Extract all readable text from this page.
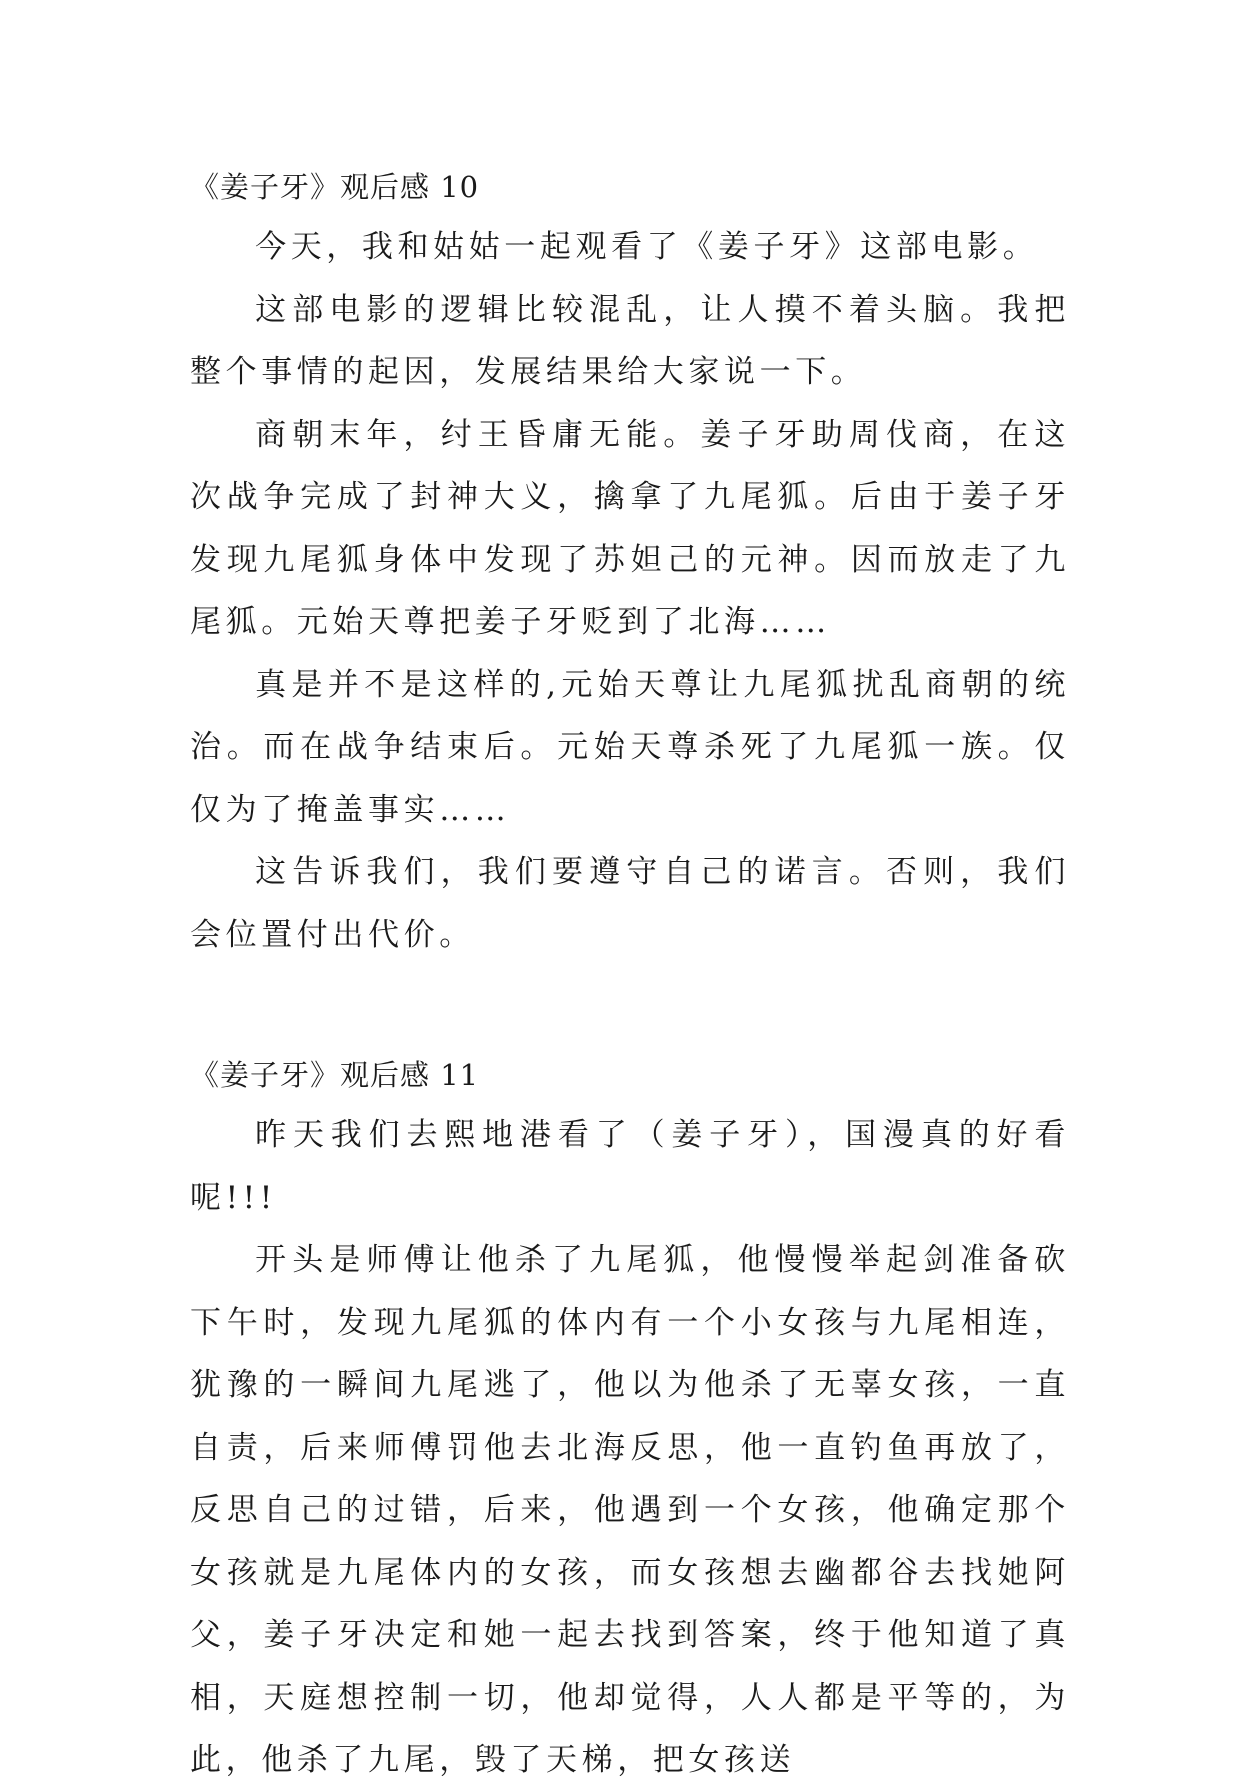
《姜子牙》观后感 10

今天，我和姑姑一起观看了《姜子牙》这部电影。

这部电影的逻辑比较混乱，让人摸不着头脑。我把整个事情的起因，发展结果给大家说一下。

商朝末年，纣王昏庸无能。姜子牙助周伐商，在这次战争完成了封神大义，擒拿了九尾狐。后由于姜子牙发现九尾狐身体中发现了苏妲己的元神。因而放走了九尾狐。元始天尊把姜子牙贬到了北海……

真是并不是这样的,元始天尊让九尾狐扰乱商朝的统治。而在战争结束后。元始天尊杀死了九尾狐一族。仅仅为了掩盖事实……

这告诉我们，我们要遵守自己的诺言。否则，我们会位置付出代价。

《姜子牙》观后感 11

昨天我们去熙地港看了（姜子牙），国漫真的好看呢!!!

开头是师傅让他杀了九尾狐，他慢慢举起剑准备砍下午时，发现九尾狐的体内有一个小女孩与九尾相连，犹豫的一瞬间九尾逃了，他以为他杀了无辜女孩，一直自责，后来师傅罚他去北海反思，他一直钓鱼再放了，反思自己的过错，后来，他遇到一个女孩，他确定那个女孩就是九尾体内的女孩，而女孩想去幽都谷去找她阿父，姜子牙决定和她一起去找到答案，终于他知道了真相，天庭想控制一切，他却觉得，人人都是平等的，为此，他杀了九尾，毁了天梯，把女孩送
